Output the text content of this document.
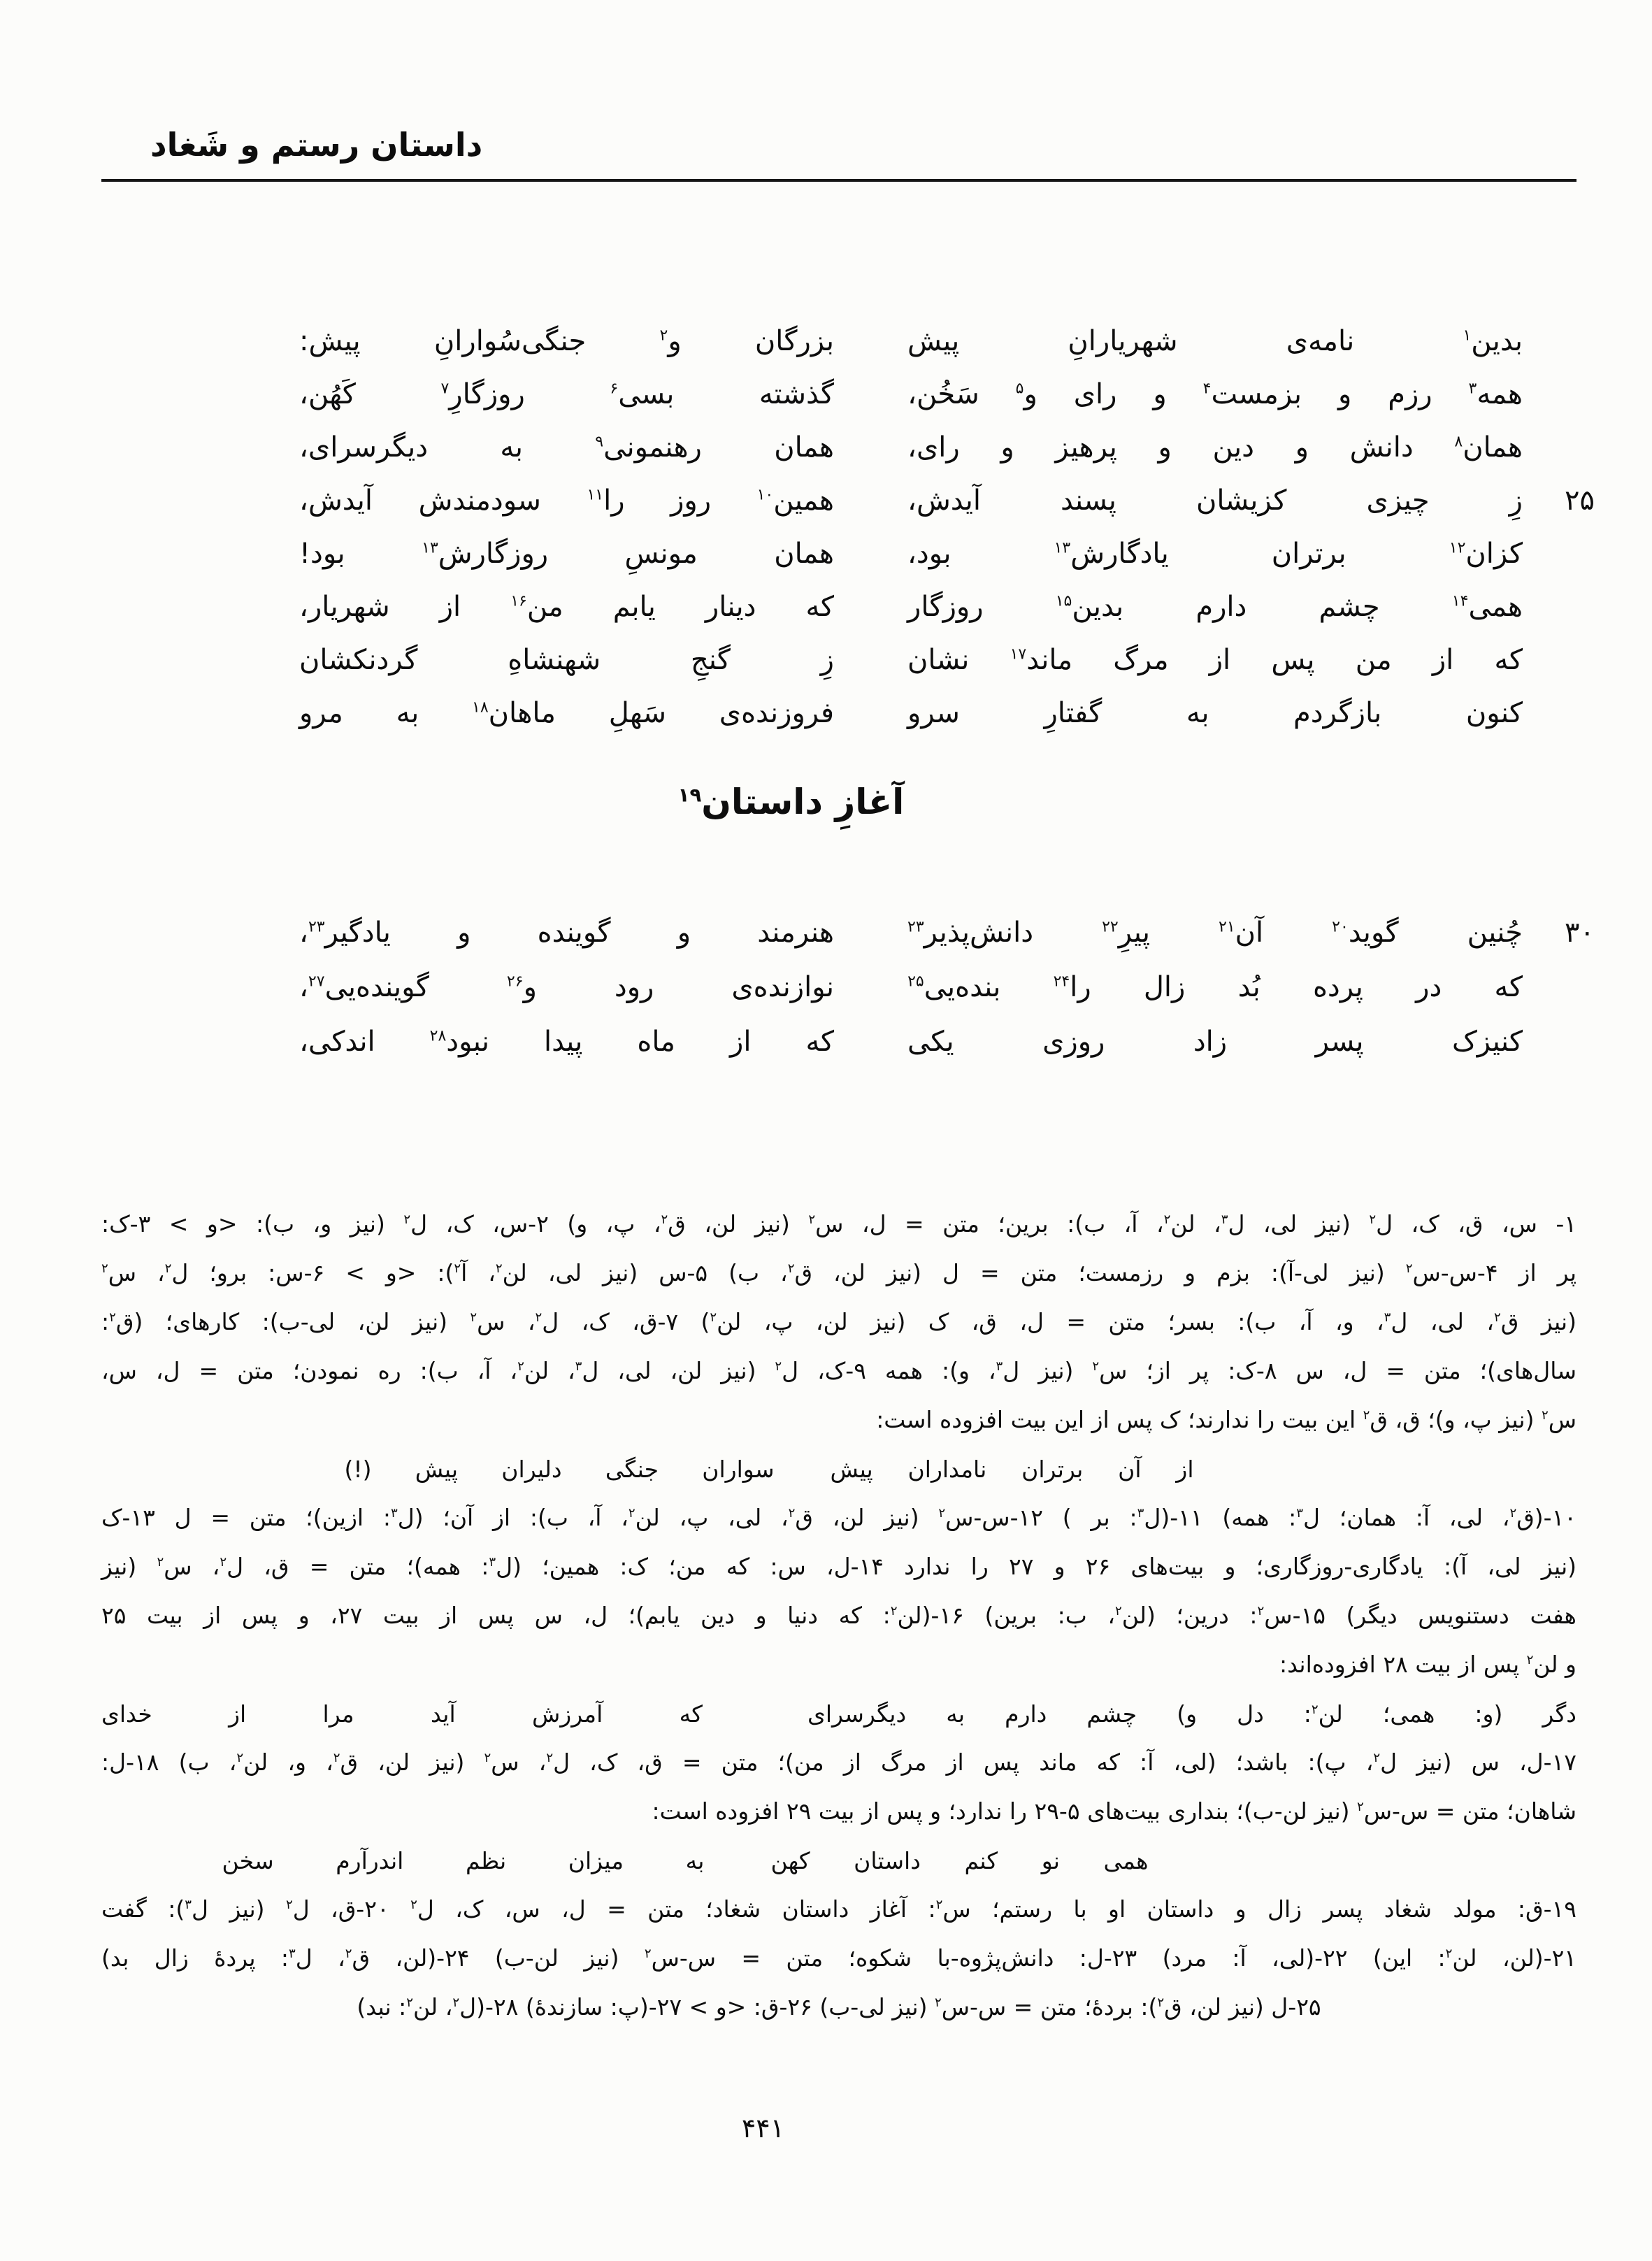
داستان رستم و شَغاد
بدین$^۱$
نامه‌ی
شهریارانِ
پیش
بزرگان
و$^۲$
جنگی‌سُوارانِ
پیش:
همه$^۳$
رزم
و
بزمست$^۴$
و
رای
و$^۵$
سَخُن،
گذشته
بسی$^۶$
روزگارِ$^۷$
کَهُن،
همان$^۸$
دانش
و
دین
و
پرهیز
و
رای،
همان
رهنمونی$^۹$
به
دیگرسرای،
۲۵
زِ
چیزی
کزیشان
پسند
آیدش،
همین$^{۱۰}$
روز
را$^{۱۱}$
سودمندش
آیدش،
کزان$^{۱۲}$
برتران
یادگارش$^{۱۳}$
بود،
همان
مونسِ
روزگارش$^{۱۳}$
بود!
همی$^{۱۴}$
چشم
دارم
بدین$^{۱۵}$
روزگار
که
دینار
یابم
من$^{۱۶}$
از
شهریار،
که
از
من
پس
از
مرگ
ماند$^{۱۷}$
نشان
زِ
گنجِ
شهنشاهِ
گردنکشان
کنون
بازگردم
به
گفتارِ
سرو
فروزنده‌ی
سَهلِ
ماهان$^{۱۸}$
به
مرو
آغازِ داستان$^{۱۹}$
۳۰
چُنین
گوید$^{۲۰}$
آن$^{۲۱}$
پیرِ$^{۲۲}$
دانش‌پذیر$^{۲۳}$
هنرمند
و
گوینده
و
یادگیر$^{۲۳}$،
که
در
پرده
بُد
زال
را$^{۲۴}$
بنده‌یی$^{۲۵}$
نوازنده‌ی
رود
و$^{۲۶}$
گوینده‌یی$^{۲۷}$،
کنیزک
پسر
زاد
روزی
یکی
که
از
ماه
پیدا
نبود$^{۲۸}$
اندکی،
۱- س، ق، ک، ل$^۲$ (نیز لی، ل$^۳$، لن$^۲$، آ، ب): برین؛ متن = ل، س$^۲$ (نیز لن، ق$^۲$، پ، و) ۲-س، ک، ل$^۲$ (نیز و، ب): <و > ۳-ک:
پر از ۴-س-س$^۲$ (نیز لی-آ): بزم و رزمست؛ متن = ل (نیز لن، ق$^۲$، ب) ۵-س (نیز لی، لن$^۲$، آ$^۲$): <و > ۶-س: برو؛ ل$^۲$، س$^۲$
(نیز ق$^۲$، لی، ل$^۳$، و، آ، ب): بسر؛ متن = ل، ق، ک (نیز لن، پ، لن$^۲$) ۷-ق، ک، ل$^۲$، س$^۲$ (نیز لن، لی-ب): کارهای؛ (ق$^۲$:
سال‌های)؛ متن = ل، س ۸-ک: پر از؛ س$^۲$ (نیز ل$^۳$، و): همه ۹-ک، ل$^۲$ (نیز لن، لی، ل$^۳$، لن$^۲$، آ، ب): ره نمودن؛ متن = ل، س،
س$^۲$ (نیز پ، و)؛ ق، ق$^۲$ این بیت را ندارند؛ ک پس از این بیت افزوده است:
از
آن
برتران
نامداران
پیش
سواران
جنگی
دلیران
پیش
(!)
۱۰-(ق$^۲$، لی، آ: همان؛ ل$^۳$: همه) ۱۱-(ل$^۳$: بر ) ۱۲-س-س$^۲$ (نیز لن، ق$^۲$، لی، پ، لن$^۲$، آ، ب): از آن؛ (ل$^۳$: ازین)؛ متن = ل ۱۳-ک
(نیز لی، آ): یادگاری-روزگاری؛ و بیت‌های ۲۶ و ۲۷ را ندارد ۱۴-ل، س: که من؛ ک: همین؛ (ل$^۳$: همه)؛ متن = ق، ل$^۲$، س$^۲$ (نیز
هفت دستنویس دیگر) ۱۵-س$^۲$: درین؛ (لن$^۲$، ب: برین) ۱۶-(لن$^۲$: که دنیا و دین یابم)؛ ل، س پس از بیت ۲۷، و پس از بیت ۲۵
و لن$^۲$ پس از بیت ۲۸ افزوده‌اند:
دگر
(و:
همی؛
لن$^۲$:
دل
و)
چشم
دارم
به
دیگرسرای
که
آمرزش
آید
مرا
از
خدای
۱۷-ل، س (نیز ل$^۲$، پ): باشد؛ (لی، آ: که ماند پس از مرگ از من)؛ متن = ق، ک، ل$^۲$، س$^۲$ (نیز لن، ق$^۲$، و، لن$^۲$، ب) ۱۸-ل:
شاهان؛ متن = س-س$^۲$ (نیز لن-ب)؛ بنداری بیت‌های ۵-۲۹ را ندارد؛ و پس از بیت ۲۹ افزوده است:
همی
نو
کنم
داستان
کهن
به
میزان
نظم
اندرآرم
سخن
۱۹-ق: مولد شغاد پسر زال و داستان او با رستم؛ س$^۲$: آغاز داستان شغاد؛ متن = ل، س، ک، ل$^۲$ ۲۰-ق، ل$^۲$ (نیز ل$^۳$): گفت
۲۱-(لن، لن$^۲$: این) ۲۲-(لی، آ: مرد) ۲۳-ل: دانش‌پژوه-با شکوه؛ متن = س-س$^۲$ (نیز لن-ب) ۲۴-(لن، ق$^۲$، ل$^۳$: پردهٔ زال بد)
۲۵-ل (نیز لن، ق$^۲$): بردهٔ؛ متن = س-س$^۲$ (نیز لی-ب) ۲۶-ق: <و > ۲۷-(پ: سازندهٔ) ۲۸-(ل$^۲$، لن$^۲$: نبد)
۴۴۱
